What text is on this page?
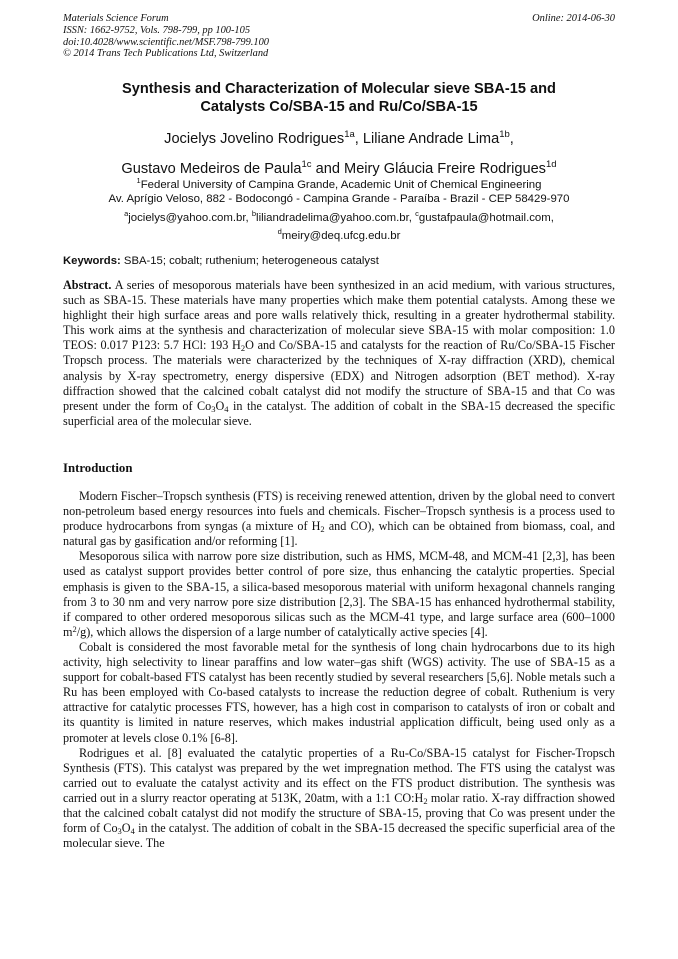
Materials Science Forum
ISSN: 1662-9752, Vols. 798-799, pp 100-105
doi:10.4028/www.scientific.net/MSF.798-799.100
© 2014 Trans Tech Publications Ltd, Switzerland
Online: 2014-06-30
Synthesis and Characterization of Molecular sieve SBA-15 and
Catalysts Co/SBA-15 and Ru/Co/SBA-15
Jocielys Jovelino Rodrigues$^{1a}$, Liliane Andrade Lima$^{1b}$,
Gustavo Medeiros de Paula$^{1c}$ and Meiry Gláucia Freire Rodrigues$^{1d}$
$^1$Federal University of Campina Grande, Academic Unit of Chemical Engineering
Av. Aprígio Veloso, 882 - Bodocongó - Campina Grande - Paraíba - Brazil - CEP 58429-970
$^a$jocielys@yahoo.com.br, $^b$liliandradelima@yahoo.com.br, $^c$gustafpaula@hotmail.com,
$^d$meiry@deq.ufcg.edu.br
Keywords: SBA-15; cobalt; ruthenium; heterogeneous catalyst
Abstract. A series of mesoporous materials have been synthesized in an acid medium, with various structures, such as SBA-15. These materials have many properties which make them potential catalysts. Among these we highlight their high surface areas and pore walls relatively thick, resulting in a greater hydrothermal stability. This work aims at the synthesis and characterization of molecular sieve SBA-15 with molar composition: 1.0 TEOS: 0.017 P123: 5.7 HCl: 193 $H_2O$ and Co/SBA-15 and catalysts for the reaction of Ru/Co/SBA-15 Fischer Tropsch process. The materials were characterized by the techniques of X-ray diffraction (XRD), chemical analysis by X-ray spectrometry, energy dispersive (EDX) and Nitrogen adsorption (BET method). X-ray diffraction showed that the calcined cobalt catalyst did not modify the structure of SBA-15 and that Co was present under the form of $Co_3O_4$ in the catalyst. The addition of cobalt in the SBA-15 decreased the specific superficial area of the molecular sieve.
Introduction

Modern Fischer–Tropsch synthesis (FTS) is receiving renewed attention, driven by the global need to convert non-petroleum based energy resources into fuels and chemicals. Fischer–Tropsch synthesis is a process used to produce hydrocarbons from syngas (a mixture of $H_2$ and CO), which can be obtained from biomass, coal, and natural gas by gasification and/or reforming [1].

Mesoporous silica with narrow pore size distribution, such as HMS, MCM-48, and MCM-41 [2,3], has been used as catalyst support provides better control of pore size, thus enhancing the catalytic properties. Special emphasis is given to the SBA-15, a silica-based mesoporous material with uniform hexagonal channels ranging from 3 to 30 nm and very narrow pore size distribution [2,3]. The SBA-15 has enhanced hydrothermal stability, if compared to other ordered mesoporous silicas such as the MCM-41 type, and large surface area (600–1000 $m^2/g$), which allows the dispersion of a large number of catalytically active species [4].

Cobalt is considered the most favorable metal for the synthesis of long chain hydrocarbons due to its high activity, high selectivity to linear paraffins and low water–gas shift (WGS) activity. The use of SBA-15 as a support for cobalt-based FTS catalyst has been recently studied by several researchers [5,6]. Noble metals such a Ru has been employed with Co-based catalysts to increase the reduction degree of cobalt. Ruthenium is very attractive for catalytic processes FTS, however, has a high cost in comparison to catalysts of iron or cobalt and its quantity is limited in nature reserves, which makes industrial application difficult, being used only as a promoter at levels close 0.1% [6-8].

Rodrigues et al. [8] evaluated the catalytic properties of a Ru-Co/SBA-15 catalyst for Fischer-Tropsch Synthesis (FTS). This catalyst was prepared by the wet impregnation method. The FTS using the catalyst was carried out to evaluate the catalyst activity and its effect on the FTS product distribution. The synthesis was carried out in a slurry reactor operating at 513K, 20atm, with a 1:1 $CO:H_2$ molar ratio. X-ray diffraction showed that the calcined cobalt catalyst did not modify the structure of SBA-15, proving that Co was present under the form of $Co_3O_4$ in the catalyst. The addition of cobalt in the SBA-15 decreased the specific superficial area of the molecular sieve. The
